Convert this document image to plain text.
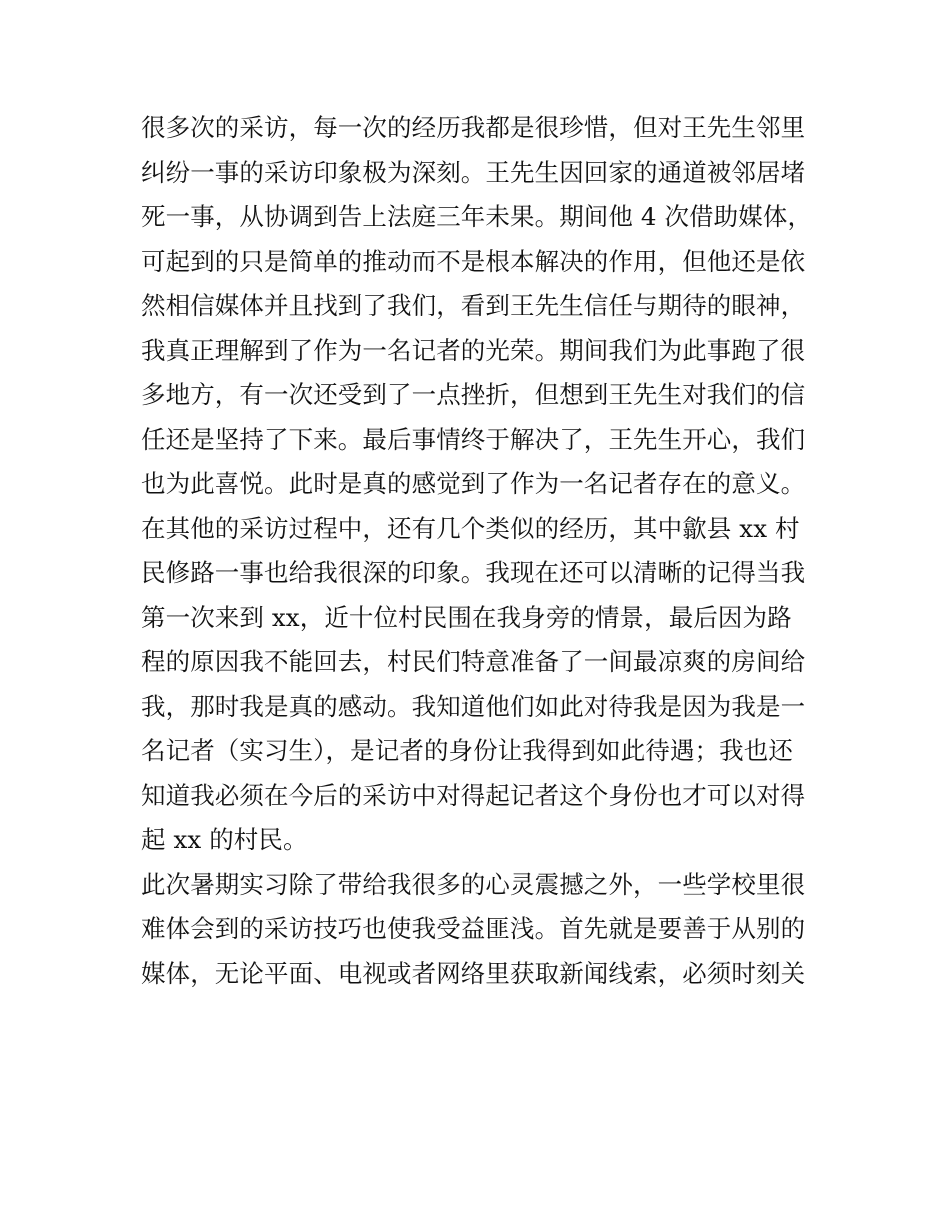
很多次的采访，每一次的经历我都是很珍惜，但对王先生邻里
纠纷一事的采访印象极为深刻。王先生因回家的通道被邻居堵
死一事，从协调到告上法庭三年未果。期间他 4 次借助媒体，
可起到的只是简单的推动而不是根本解决的作用，但他还是依
然相信媒体并且找到了我们，看到王先生信任与期待的眼神，
我真正理解到了作为一名记者的光荣。期间我们为此事跑了很
多地方，有一次还受到了一点挫折，但想到王先生对我们的信
任还是坚持了下来。最后事情终于解决了，王先生开心，我们
也为此喜悦。此时是真的感觉到了作为一名记者存在的意义。
在其他的采访过程中，还有几个类似的经历，其中歙县 xx 村
民修路一事也给我很深的印象。我现在还可以清晰的记得当我
第一次来到 xx，近十位村民围在我身旁的情景，最后因为路
程的原因我不能回去，村民们特意准备了一间最凉爽的房间给
我，那时我是真的感动。我知道他们如此对待我是因为我是一
名记者（实习生），是记者的身份让我得到如此待遇；我也还
知道我必须在今后的采访中对得起记者这个身份也才可以对得
起 xx 的村民。
此次暑期实习除了带给我很多的心灵震撼之外，一些学校里很
难体会到的采访技巧也使我受益匪浅。首先就是要善于从别的
媒体，无论平面、电视或者网络里获取新闻线索，必须时刻关
